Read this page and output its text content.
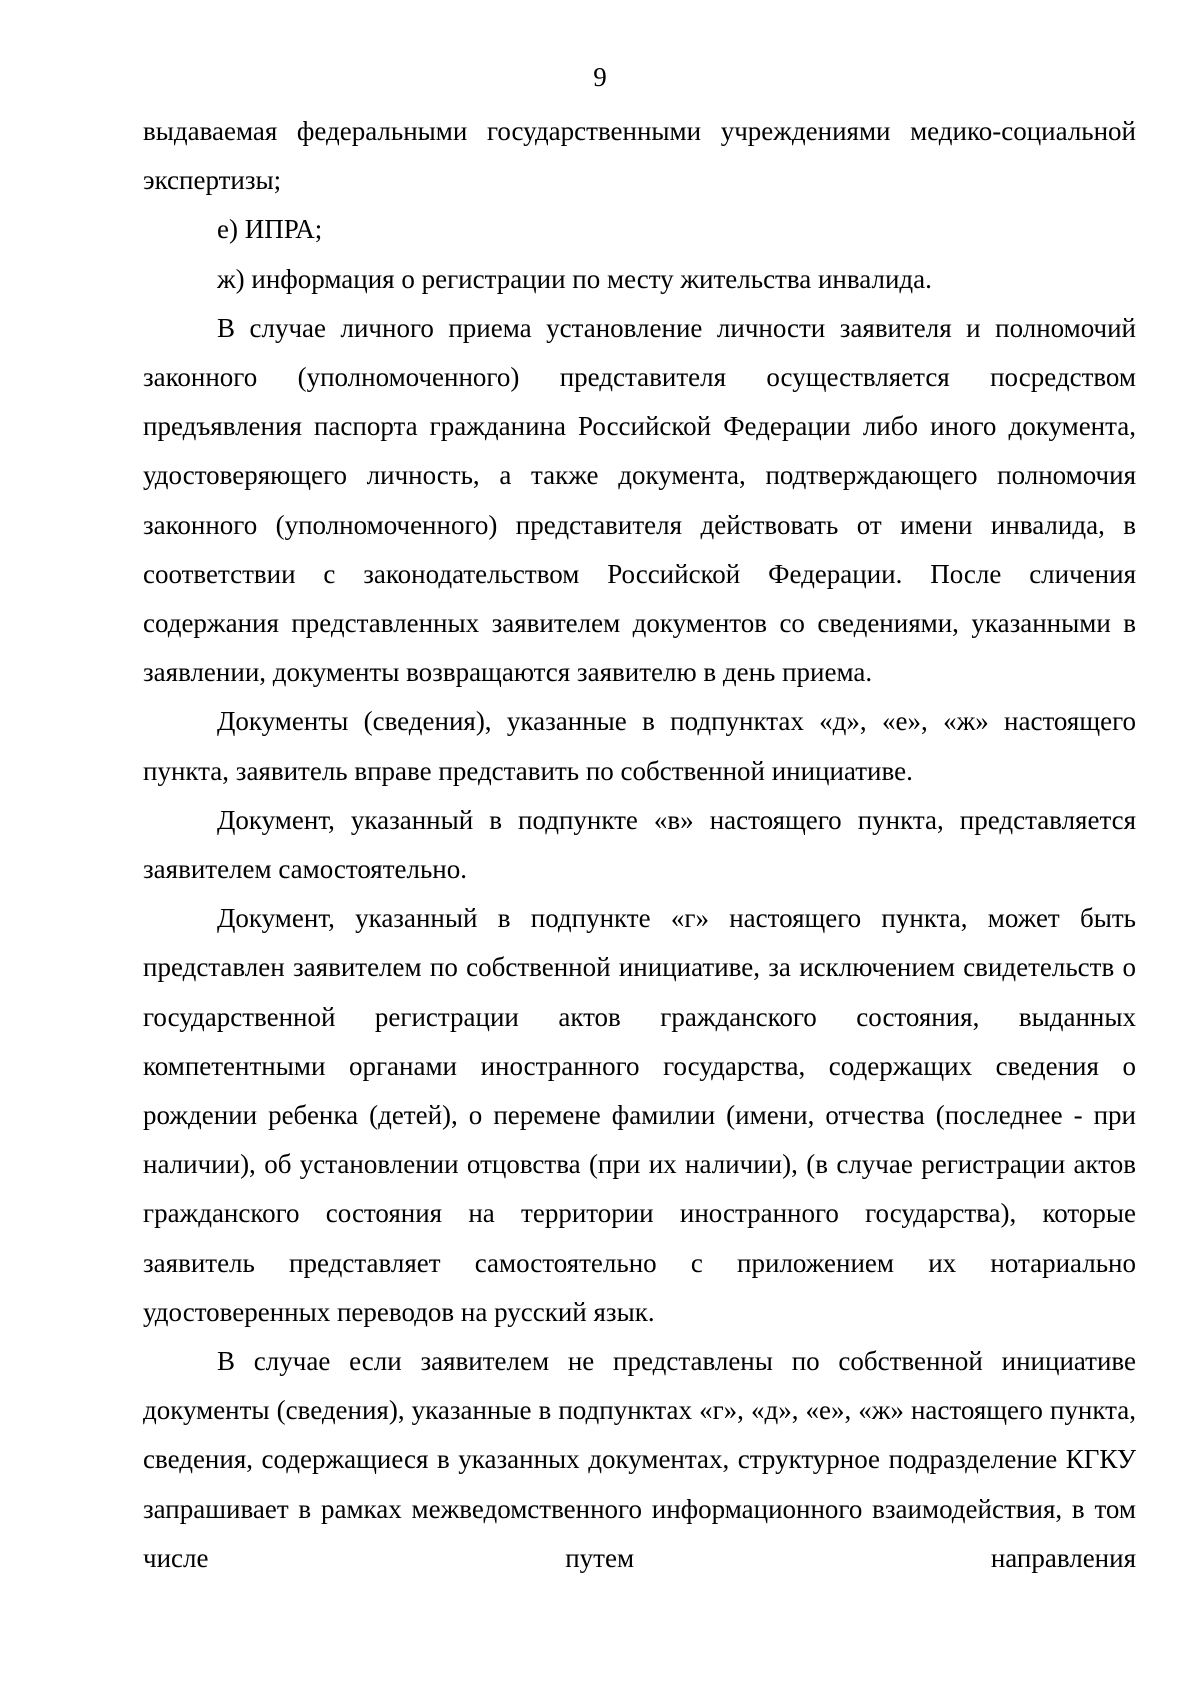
9

выдаваемая федеральными государственными учреждениями медико-социальной экспертизы;

е) ИПРА;

ж) информация о регистрации по месту жительства инвалида.

В случае личного приема установление личности заявителя и полномочий законного (уполномоченного) представителя осуществляется посредством предъявления паспорта гражданина Российской Федерации либо иного документа, удостоверяющего личность, а также документа, подтверждающего полномочия законного (уполномоченного) представителя действовать от имени инвалида, в соответствии с законодательством Российской Федерации. После сличения содержания представленных заявителем документов со сведениями, указанными в заявлении, документы возвращаются заявителю в день приема.

Документы (сведения), указанные в подпунктах «д», «е», «ж» настоящего пункта, заявитель вправе представить по собственной инициативе.

Документ, указанный в подпункте «в» настоящего пункта, представляется заявителем самостоятельно.

Документ, указанный в подпункте «г» настоящего пункта, может быть представлен заявителем по собственной инициативе, за исключением свидетельств о государственной регистрации актов гражданского состояния, выданных компетентными органами иностранного государства, содержащих сведения о рождении ребенка (детей), о перемене фамилии (имени, отчества (последнее - при наличии), об установлении отцовства (при их наличии), (в случае регистрации актов гражданского состояния на территории иностранного государства), которые заявитель представляет самостоятельно с приложением их нотариально удостоверенных переводов на русский язык.

В случае если заявителем не представлены по собственной инициативе документы (сведения), указанные в подпунктах «г», «д», «е», «ж» настоящего пункта, сведения, содержащиеся в указанных документах, структурное подразделение КГКУ запрашивает в рамках межведомственного информационного взаимодействия, в том числе путем направления
